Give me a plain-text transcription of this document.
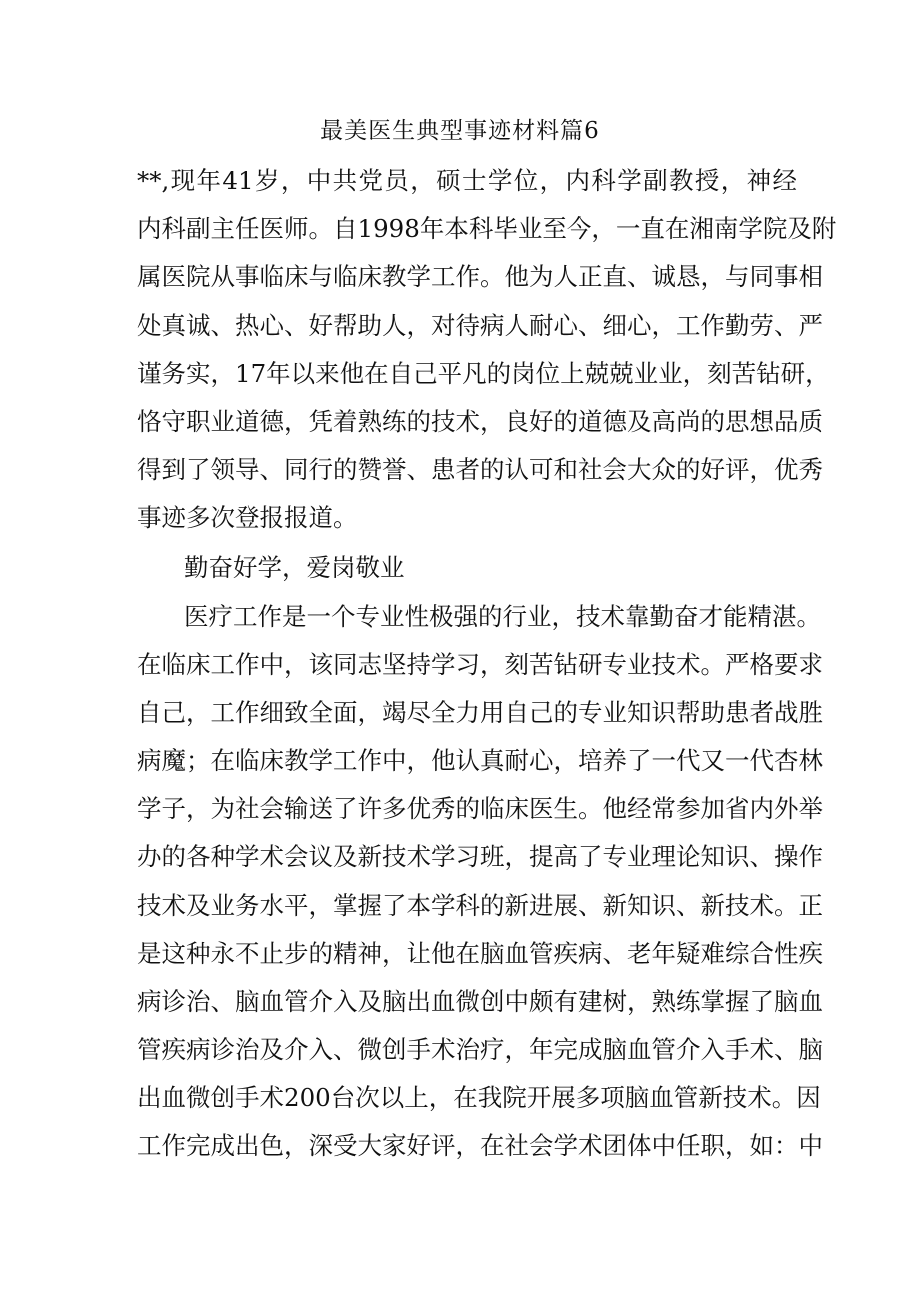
最美医生典型事迹材料篇6
**,现年41岁，中共党员，硕士学位，内科学副教授，神经
内科副主任医师。自1998年本科毕业至今，一直在湘南学院及附
属医院从事临床与临床教学工作。他为人正直、诚恳，与同事相
处真诚、热心、好帮助人，对待病人耐心、细心，工作勤劳、严
谨务实，17年以来他在自己平凡的岗位上兢兢业业，刻苦钻研，
恪守职业道德，凭着熟练的技术，良好的道德及高尚的思想品质
得到了领导、同行的赞誉、患者的认可和社会大众的好评，优秀
事迹多次登报报道。
勤奋好学，爱岗敬业
医疗工作是一个专业性极强的行业，技术靠勤奋才能精湛。
在临床工作中，该同志坚持学习，刻苦钻研专业技术。严格要求
自己，工作细致全面，竭尽全力用自己的专业知识帮助患者战胜
病魔；在临床教学工作中，他认真耐心，培养了一代又一代杏林
学子，为社会输送了许多优秀的临床医生。他经常参加省内外举
办的各种学术会议及新技术学习班，提高了专业理论知识、操作
技术及业务水平，掌握了本学科的新进展、新知识、新技术。正
是这种永不止步的精神，让他在脑血管疾病、老年疑难综合性疾
病诊治、脑血管介入及脑出血微创中颇有建树，熟练掌握了脑血
管疾病诊治及介入、微创手术治疗，年完成脑血管介入手术、脑
出血微创手术200台次以上，在我院开展多项脑血管新技术。因
工作完成出色，深受大家好评，在社会学术团体中任职，如：中
